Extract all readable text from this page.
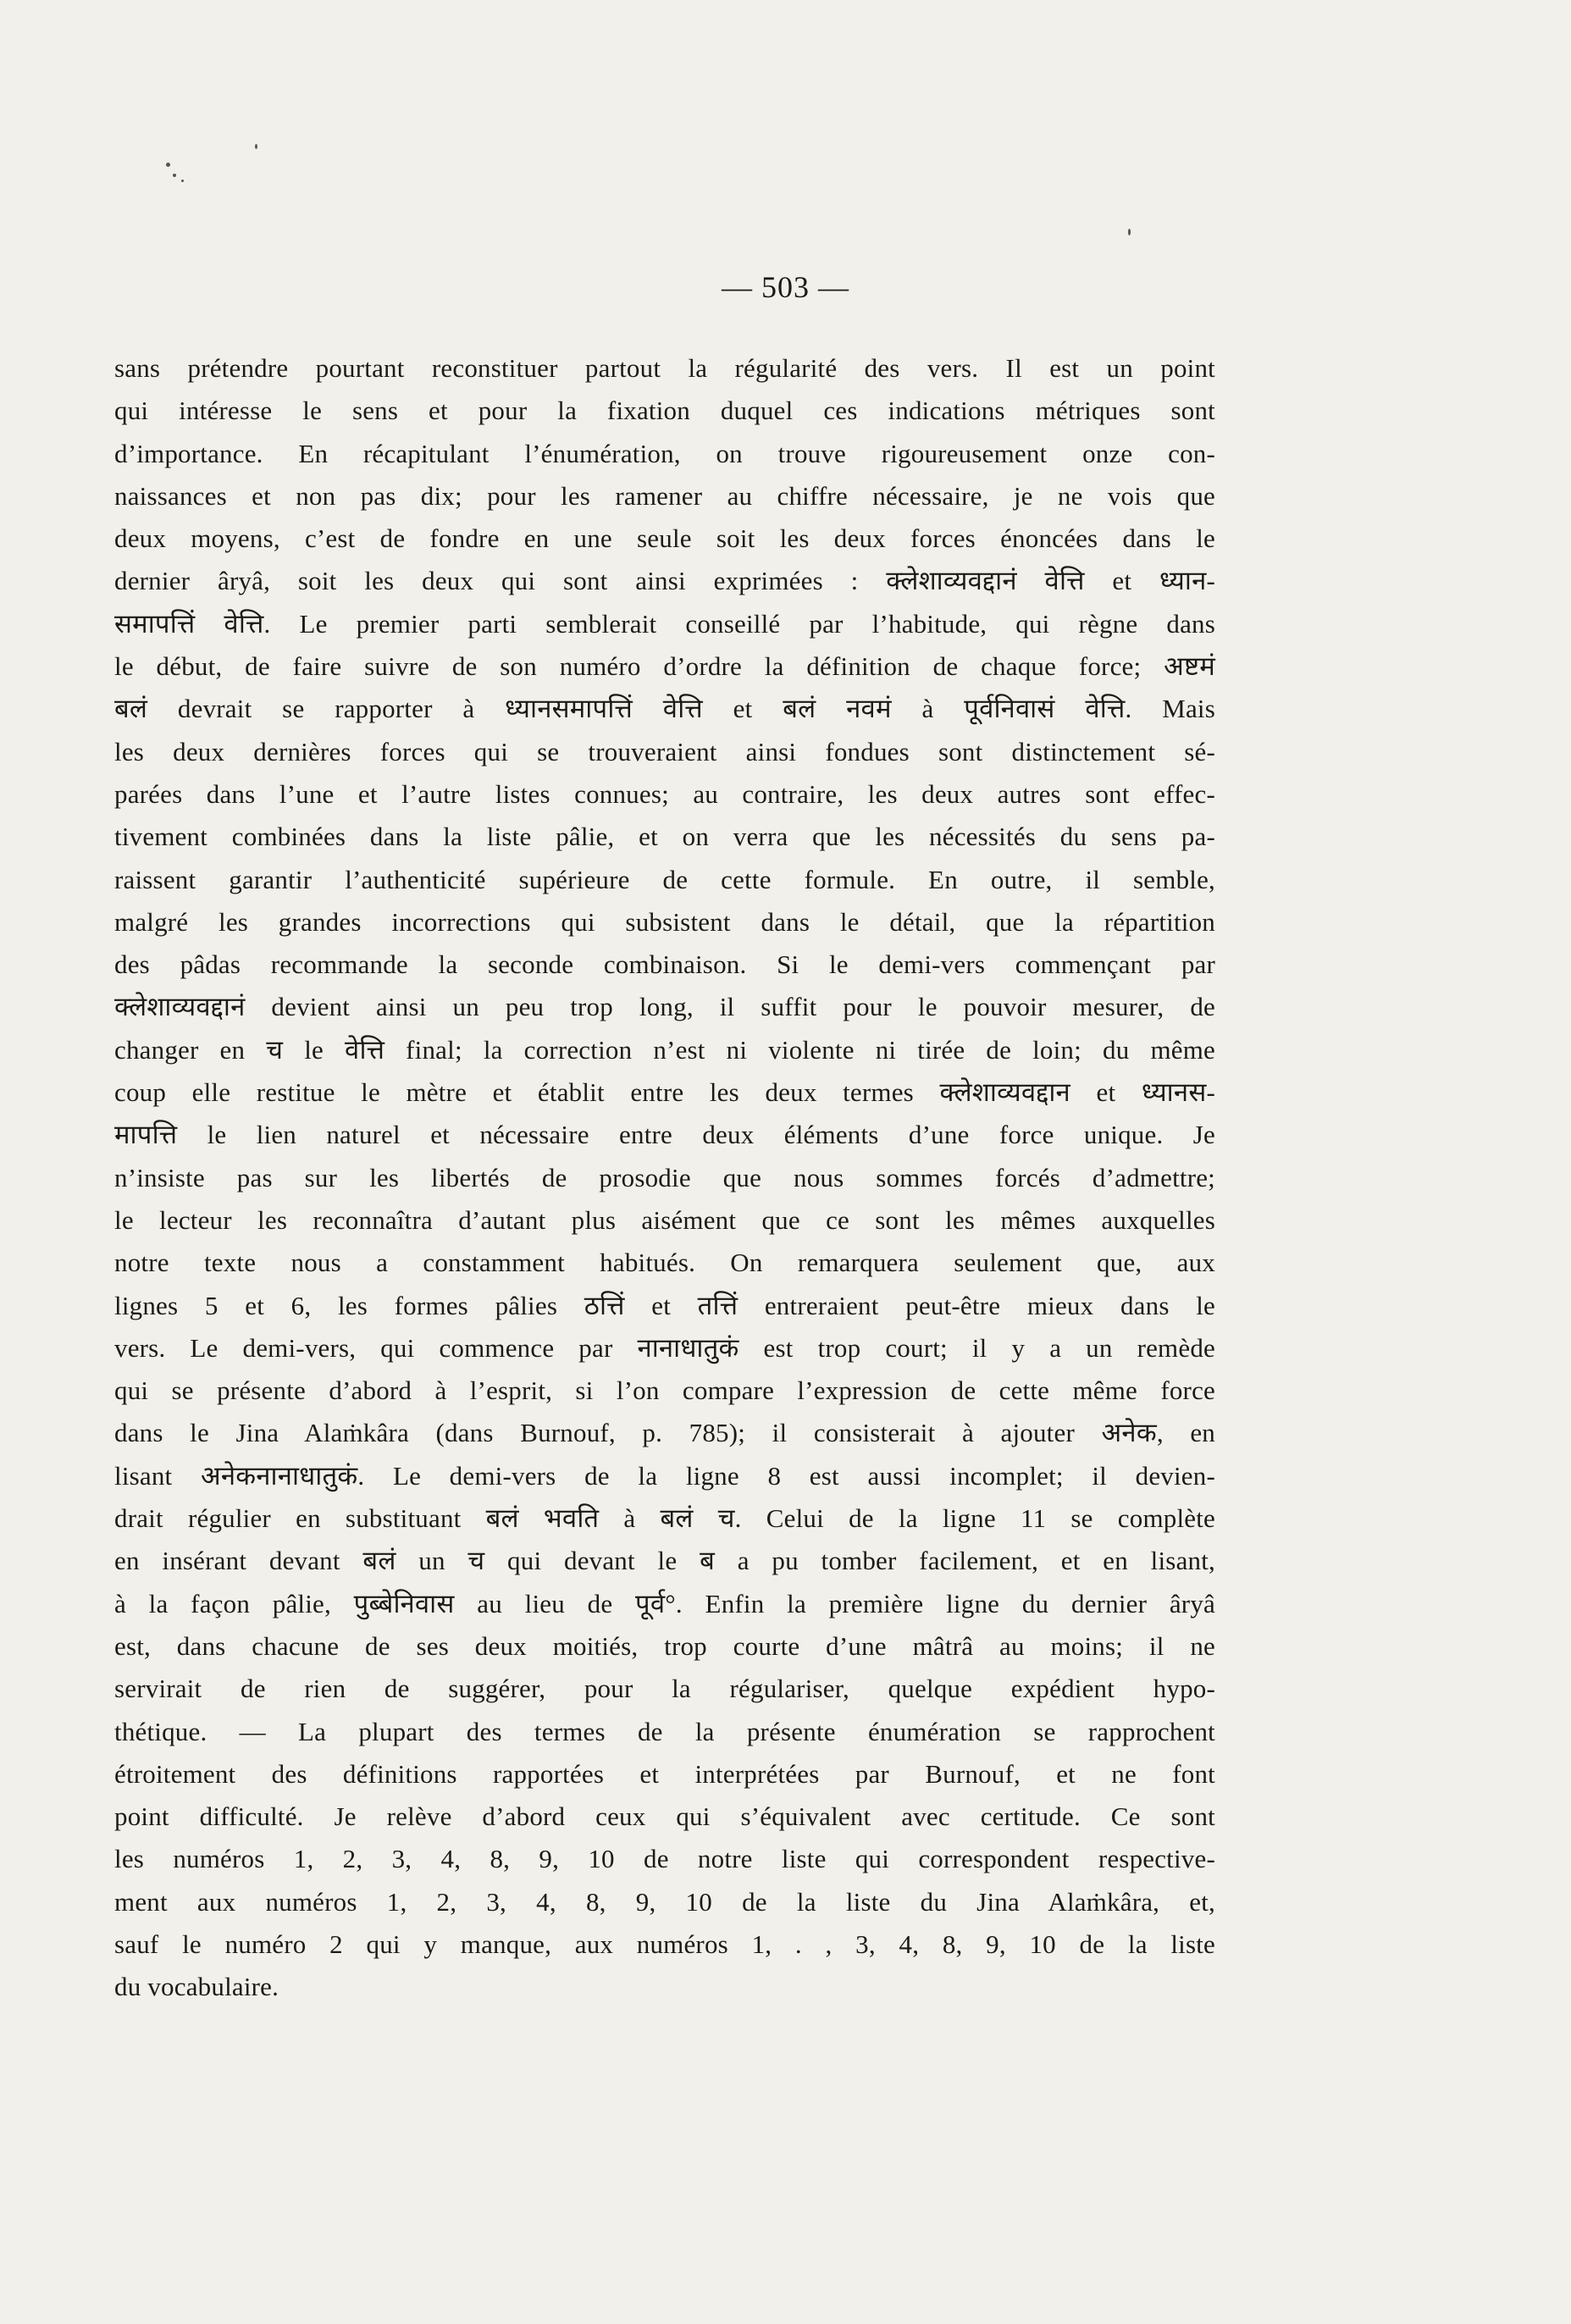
— 503 —
sans prétendre pourtant reconstituer partout la régularité des vers. Il est un point
qui intéresse le sens et pour la fixation duquel ces indications métriques sont
d’importance. En récapitulant l’énumération, on trouve rigoureusement onze con-
naissances et non pas dix; pour les ramener au chiffre nécessaire, je ne vois que
deux moyens, c’est de fondre en une seule soit les deux forces énoncées dans le
dernier âryâ, soit les deux qui sont ainsi exprimées : क्लेशाव्यवद्दानं वेत्ति et ध्यान-
समापत्तिं वेत्ति. Le premier parti semblerait conseillé par l’habitude, qui règne dans
le début, de faire suivre de son numéro d’ordre la définition de chaque force; अष्टमं
बलं devrait se rapporter à ध्यानसमापत्तिं वेत्ति et बलं नवमं à पूर्वनिवासं वेत्ति. Mais
les deux dernières forces qui se trouveraient ainsi fondues sont distinctement sé-
parées dans l’une et l’autre listes connues; au contraire, les deux autres sont effec-
tivement combinées dans la liste pâlie, et on verra que les nécessités du sens pa-
raissent garantir l’authenticité supérieure de cette formule. En outre, il semble,
malgré les grandes incorrections qui subsistent dans le détail, que la répartition
des pâdas recommande la seconde combinaison. Si le demi-vers commençant par
क्लेशाव्यवद्दानं devient ainsi un peu trop long, il suffit pour le pouvoir mesurer, de
changer en च le वेत्ति final; la correction n’est ni violente ni tirée de loin; du même
coup elle restitue le mètre et établit entre les deux termes क्लेशाव्यवद्दान et ध्यानस-
मापत्ति le lien naturel et nécessaire entre deux éléments d’une force unique. Je
n’insiste pas sur les libertés de prosodie que nous sommes forcés d’admettre;
le lecteur les reconnaîtra d’autant plus aisément que ce sont les mêmes auxquelles
notre texte nous a constamment habitués. On remarquera seulement que, aux
lignes 5 et 6, les formes pâlies ठत्तिं et तत्तिं entreraient peut-être mieux dans le
vers. Le demi-vers, qui commence par नानाधातुकं est trop court; il y a un remède
qui se présente d’abord à l’esprit, si l’on compare l’expression de cette même force
dans le Jina Alaṁkâra (dans Burnouf, p. 785); il consisterait à ajouter अनेक, en
lisant अनेकनानाधातुकं. Le demi-vers de la ligne 8 est aussi incomplet; il devien-
drait régulier en substituant बलं भवति à बलं च. Celui de la ligne 11 se complète
en insérant devant बलं un च qui devant le ब a pu tomber facilement, et en lisant,
à la façon pâlie, पुब्बेनिवास au lieu de पूर्व°. Enfin la première ligne du dernier âryâ
est, dans chacune de ses deux moitiés, trop courte d’une mâtrâ au moins; il ne
servirait de rien de suggérer, pour la régulariser, quelque expédient hypo-
thétique. — La plupart des termes de la présente énumération se rapprochent
étroitement des définitions rapportées et interprétées par Burnouf, et ne font
point difficulté. Je relève d’abord ceux qui s’équivalent avec certitude. Ce sont
les numéros 1, 2, 3, 4, 8, 9, 10 de notre liste qui correspondent respective-
ment aux numéros 1, 2, 3, 4, 8, 9, 10 de la liste du Jina Alaṁkâra, et,
sauf le numéro 2 qui y manque, aux numéros 1, . , 3, 4, 8, 9, 10 de la liste
du vocabulaire.
